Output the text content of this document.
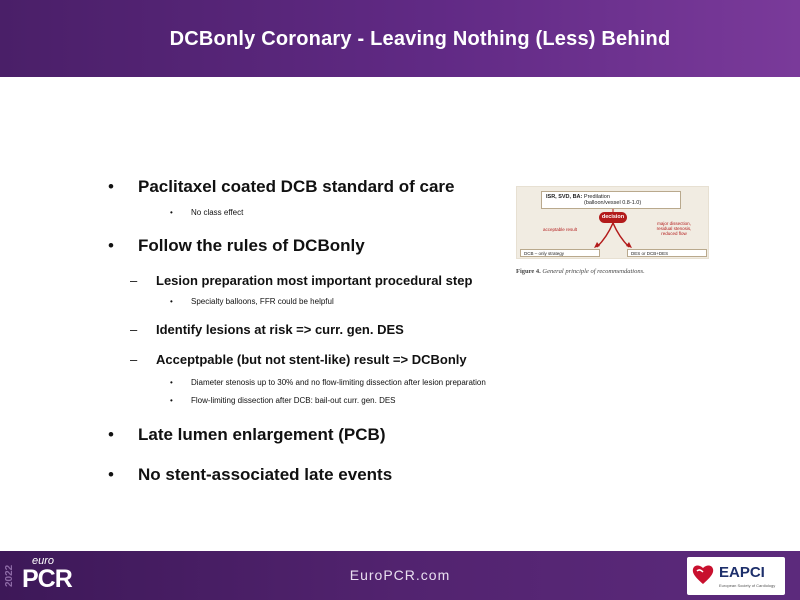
DCBonly Coronary - Leaving Nothing (Less) Behind
•	Paclitaxel coated DCB standard of care
•	No class effect
•	Follow the rules of DCBonly
–	Lesion preparation most important procedural step
•	Specialty balloons, FFR could be helpful
–	Identify lesions at risk => curr. gen. DES
–	Acceptpable (but not stent-like) result => DCBonly
•	Diameter stenosis up to 30% and no flow-limiting dissection after lesion preparation
•	Flow-limiting dissection after DCB: bail-out curr. gen. DES
•	Late lumen enlargement (PCB)
•	No stent-associated late events
ISR, SVD, BA: Predilation
(balloon/vessel 0.8-1.0)
decision
acceptable result
major dissection,
residual stenosis,
reduced flow
DCB – only strategy	DES or DCB+DES
Figure 4. General principle of recommendations.
2022
euro
PCR	EuroPCR.com	EAPCI
European Society of Cardiology
